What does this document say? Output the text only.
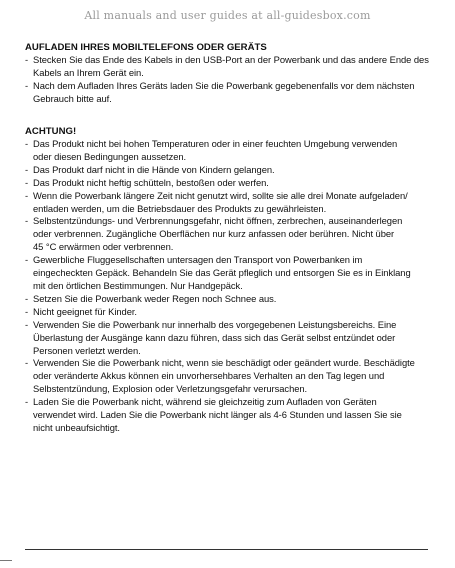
All manuals and user guides at all-guidesbox.com
AUFLADEN IHRES MOBILTELEFONS ODER GERÄTS
- Stecken Sie das Ende des Kabels in den USB-Port an der Powerbank und das andere Ende des Kabels an Ihrem Gerät ein.
- Nach dem Aufladen Ihres Geräts laden Sie die Powerbank gegebenenfalls vor dem nächsten Gebrauch bitte auf.
ACHTUNG!
- Das Produkt nicht bei hohen Temperaturen oder in einer feuchten Umgebung verwenden
oder diesen Bedingungen aussetzen.
- Das Produkt darf nicht in die Hände von Kindern gelangen.
- Das Produkt nicht heftig schütteln, bestoßen oder werfen.
- Wenn die Powerbank längere Zeit nicht genutzt wird, sollte sie alle drei Monate aufgeladen/
entladen werden, um die Betriebsdauer des Produkts zu gewährleisten.
- Selbstentzündungs- und Verbrennungsgefahr, nicht öffnen, zerbrechen, auseinanderlegen
oder verbrennen. Zugängliche Oberflächen nur kurz anfassen oder berühren. Nicht über
45 °C erwärmen oder verbrennen.
- Gewerbliche Fluggesellschaften untersagen den Transport von Powerbanken im
eingecheckten Gepäck. Behandeln Sie das Gerät pfleglich und entsorgen Sie es in Einklang
mit den örtlichen Bestimmungen. Nur Handgepäck.
- Setzen Sie die Powerbank weder Regen noch Schnee aus.
- Nicht geeignet für Kinder.
- Verwenden Sie die Powerbank nur innerhalb des vorgegebenen Leistungsbereichs. Eine
Überlastung der Ausgänge kann dazu führen, dass sich das Gerät selbst entzündet oder
Personen verletzt werden.
- Verwenden Sie die Powerbank nicht, wenn sie beschädigt oder geändert wurde. Beschädigte
oder veränderte Akkus können ein unvorhersehbares Verhalten an den Tag legen und
Selbstentzündung, Explosion oder Verletzungsgefahr verursachen.
- Laden Sie die Powerbank nicht, während sie gleichzeitig zum Aufladen von Geräten
verwendet wird. Laden Sie die Powerbank nicht länger als 4-6 Stunden und lassen Sie sie
nicht unbeaufsichtigt.
